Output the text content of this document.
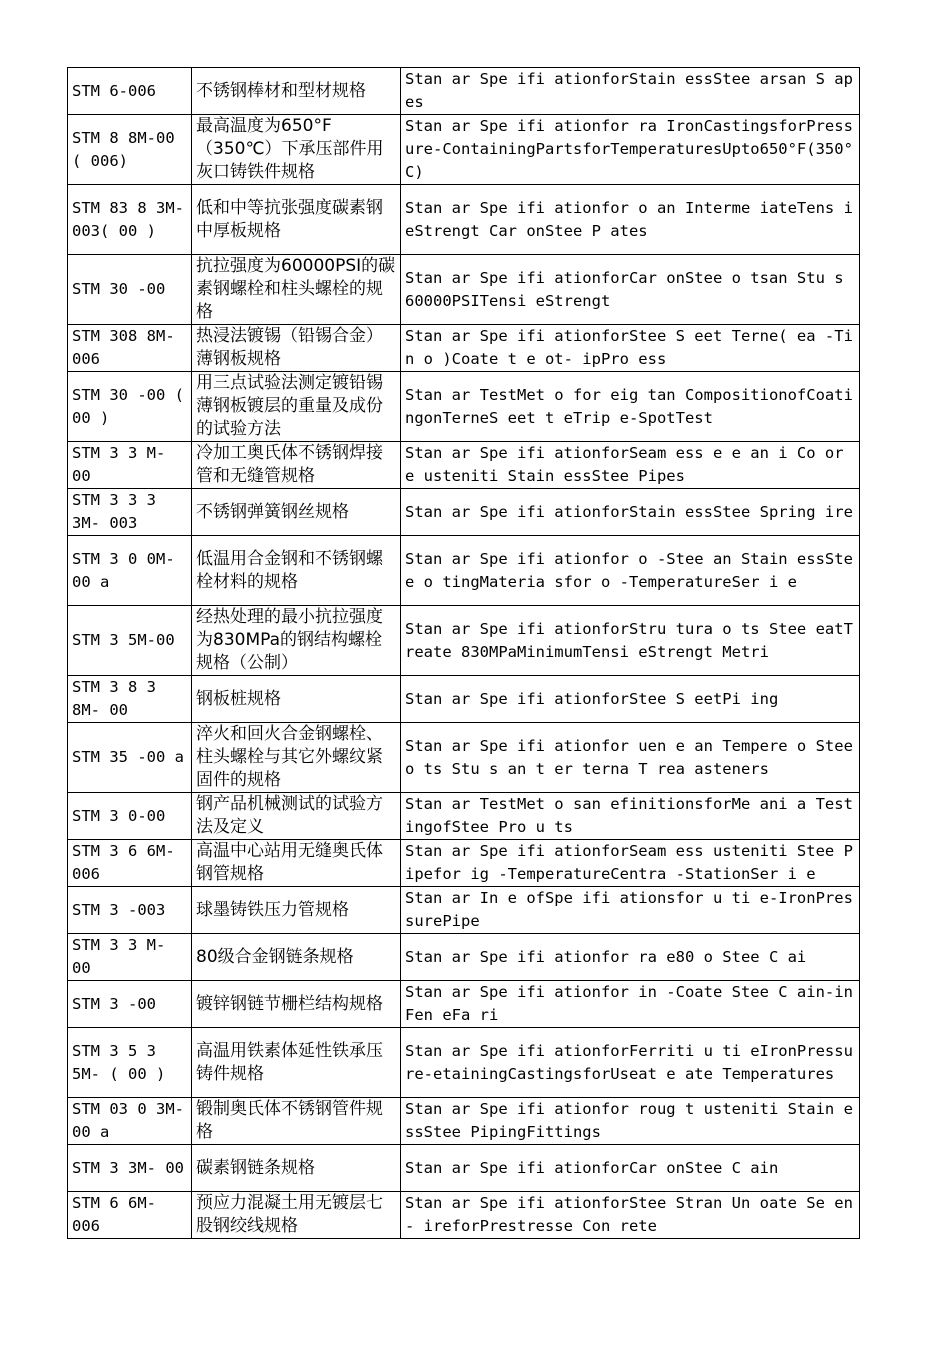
STM 6-006	不锈钢棒材和型材规格	Stan ar Spe ifi ationforStain essStee arsan S apes
STM 8 8M-00 ( 006)	最高温度为650°F（350℃）下承压部件用灰口铸铁件规格	Stan ar Spe ifi ationfor ra IronCastingsforPressure-ContainingPartsforTemperaturesUpto650°F(350°C)
STM 83 8 3M-003( 00 )	低和中等抗张强度碳素钢中厚板规格	Stan ar Spe ifi ationfor o an Interme iateTens i eStrengt Car onStee P ates
STM 30 -00	抗拉强度为60000PSI的碳素钢螺栓和柱头螺栓的规格	Stan ar Spe ifi ationforCar onStee o tsan Stu s 60000PSITensi eStrengt
STM 308 8M- 006	热浸法镀锡（铅锡合金）薄钢板规格	Stan ar Spe ifi ationforStee S eet Terne( ea -Tin o )Coate t e ot- ipPro ess
STM 30 -00 ( 00 )	用三点试验法测定镀铅锡薄钢板镀层的重量及成份的试验方法	Stan ar TestMet o for eig tan CompositionofCoatingonTerneS eet t eTrip e-SpotTest
STM 3 3 M- 00	冷加工奥氏体不锈钢焊接管和无缝管规格	Stan ar Spe ifi ationforSeam ess e e an i Co or e usteniti Stain essStee Pipes
STM 3 3 3 3M- 003	不锈钢弹簧钢丝规格	Stan ar Spe ifi ationforStain essStee Spring ire
STM 3 0 0M- 00 a	低温用合金钢和不锈钢螺栓材料的规格	Stan ar Spe ifi ationfor o -Stee an Stain essStee o tingMateria sfor o -TemperatureSer i e
STM 3 5M-00	经热处理的最小抗拉强度为830MPa的钢结构螺栓规格（公制）	Stan ar Spe ifi ationforStru tura o ts Stee eatTreate 830MPaMinimumTensi eStrengt Metri
STM 3 8 3 8M- 00	钢板桩规格	Stan ar Spe ifi ationforStee S eetPi ing
STM 35 -00 a	淬火和回火合金钢螺栓、柱头螺栓与其它外螺纹紧固件的规格	Stan ar Spe ifi ationfor uen e an Tempere o Stee o ts Stu s an t er terna T rea asteners
STM 3 0-00	钢产品机械测试的试验方法及定义	Stan ar TestMet o san efinitionsforMe ani a TestingofStee Pro u ts
STM 3 6 6M- 006	高温中心站用无缝奥氏体钢管规格	Stan ar Spe ifi ationforSeam ess usteniti Stee Pipefor ig -TemperatureCentra -StationSer i e
STM 3 -003	球墨铸铁压力管规格	Stan ar In e ofSpe ifi ationsfor u ti e-IronPressurePipe
STM 3 3 M- 00	80级合金钢链条规格	Stan ar Spe ifi ationfor ra e80 o Stee C ai
STM 3 -00	镀锌钢链节栅栏结构规格	Stan ar Spe ifi ationfor in -Coate Stee C ain-in Fen eFa ri
STM 3 5 3 5M- ( 00 )	高温用铁素体延性铁承压铸件规格	Stan ar Spe ifi ationforFerriti u ti eIronPressure-etainingCastingsforUseat e ate Temperatures
STM 03 0 3M- 00 a	锻制奥氏体不锈钢管件规格	Stan ar Spe ifi ationfor roug t usteniti Stain essStee PipingFittings
STM 3 3M- 00	碳素钢链条规格	Stan ar Spe ifi ationforCar onStee C ain
STM 6 6M- 006	预应力混凝土用无镀层七股钢绞线规格	Stan ar Spe ifi ationforStee Stran Un oate Se en- ireforPrestresse Con rete
